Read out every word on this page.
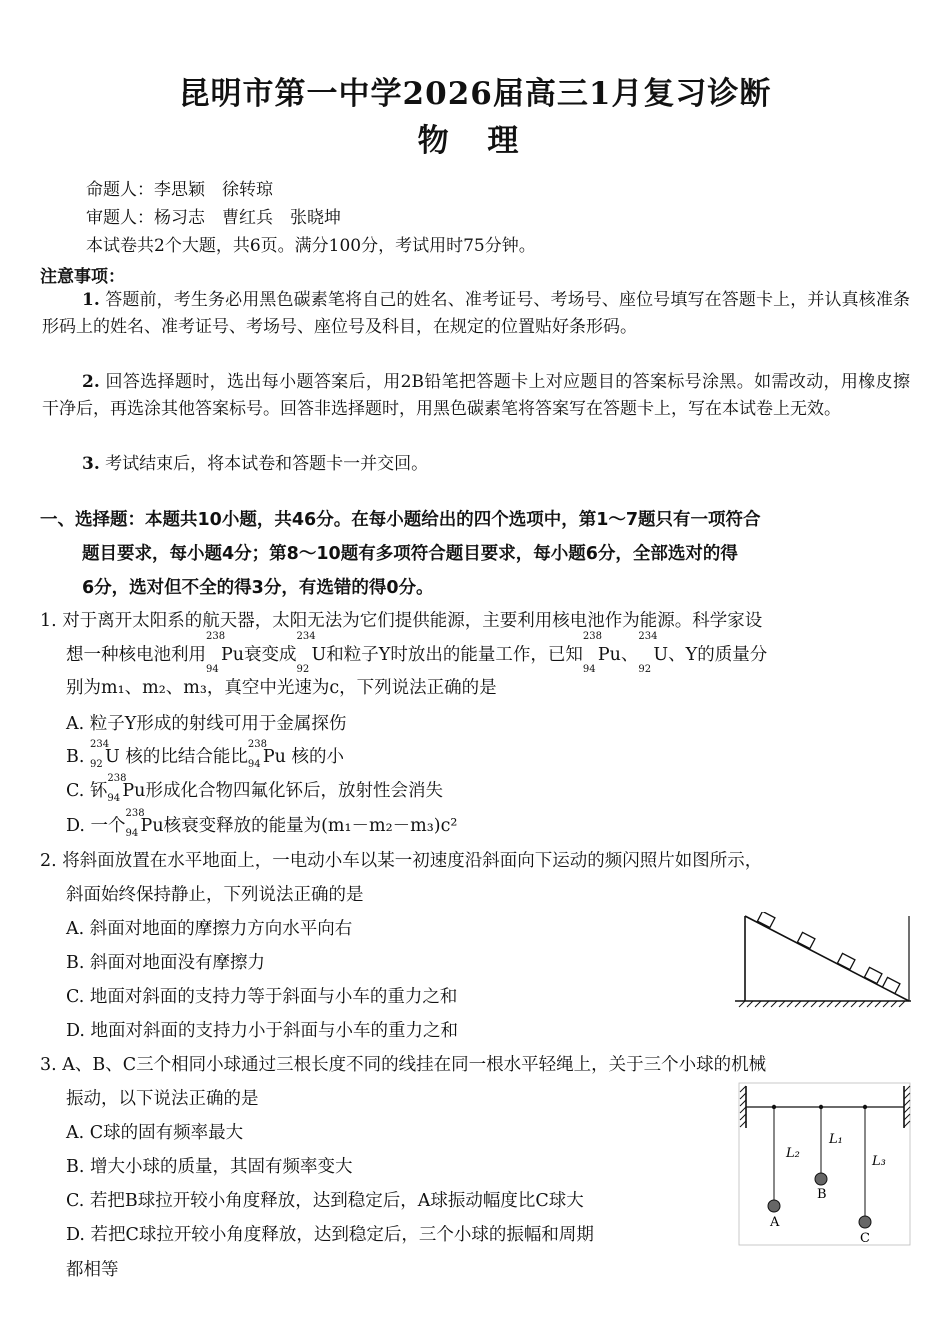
昆明市第一中学2026届高三1月复习诊断
物 理
命题人：李思颖　徐转琼
审题人：杨习志　曹红兵　张晓坤
本试卷共2个大题，共6页。满分100分，考试用时75分钟。
注意事项：
1. 答题前，考生务必用黑色碳素笔将自己的姓名、准考证号、考场号、座位号填写在答题卡上，并认真核准条形码上的姓名、准考证号、考场号、座位号及科目，在规定的位置贴好条形码。
2. 回答选择题时，选出每小题答案后，用2B铅笔把答题卡上对应题目的答案标号涂黑。如需改动，用橡皮擦干净后，再选涂其他答案标号。回答非选择题时，用黑色碳素笔将答案写在答题卡上，写在本试卷上无效。
3. 考试结束后，将本试卷和答题卡一并交回。
一、选择题：本题共10小题，共46分。在每小题给出的四个选项中，第1～7题只有一项符合
题目要求，每小题4分；第8～10题有多项符合题目要求，每小题6分，全部选对的得
6分，选对但不全的得3分，有选错的得0分。
1. 对于离开太阳系的航天器，太阳无法为它们提供能源，主要利用核电池作为能源。科学家设
想一种核电池利用
238
94
Pu衰变成
234
92
U和粒子Y时放出的能量工作，已知
238
94
Pu、
234
92
U、Y的质量分
别为m₁、m₂、m₃，真空中光速为c，下列说法正确的是
A. 粒子Y形成的射线可用于金属探伤
B.
234
92 U 核的比结合能比
238
94 Pu 核的小
C. 钚
238
94 Pu形成化合物四氟化钚后，放射性会消失
D. 一个
238
94 Pu核衰变释放的能量为(m₁－m₂－m₃)c²
2. 将斜面放置在水平地面上，一电动小车以某一初速度沿斜面向下运动的频闪照片如图所示，
斜面始终保持静止，下列说法正确的是
A. 斜面对地面的摩擦力方向水平向右
B. 斜面对地面没有摩擦力
C. 地面对斜面的支持力等于斜面与小车的重力之和
D. 地面对斜面的支持力小于斜面与小车的重力之和
3. A、B、C三个相同小球通过三根长度不同的线挂在同一根水平轻绳上，关于三个小球的机械
振动，以下说法正确的是
A. C球的固有频率最大
B. 增大小球的质量，其固有频率变大
C. 若把B球拉开较小角度释放，达到稳定后，A球振动幅度比C球大
D. 若把C球拉开较小角度释放，达到稳定后，三个小球的振幅和周期
都相等
L₂
L₁
L₃
A
B
C
